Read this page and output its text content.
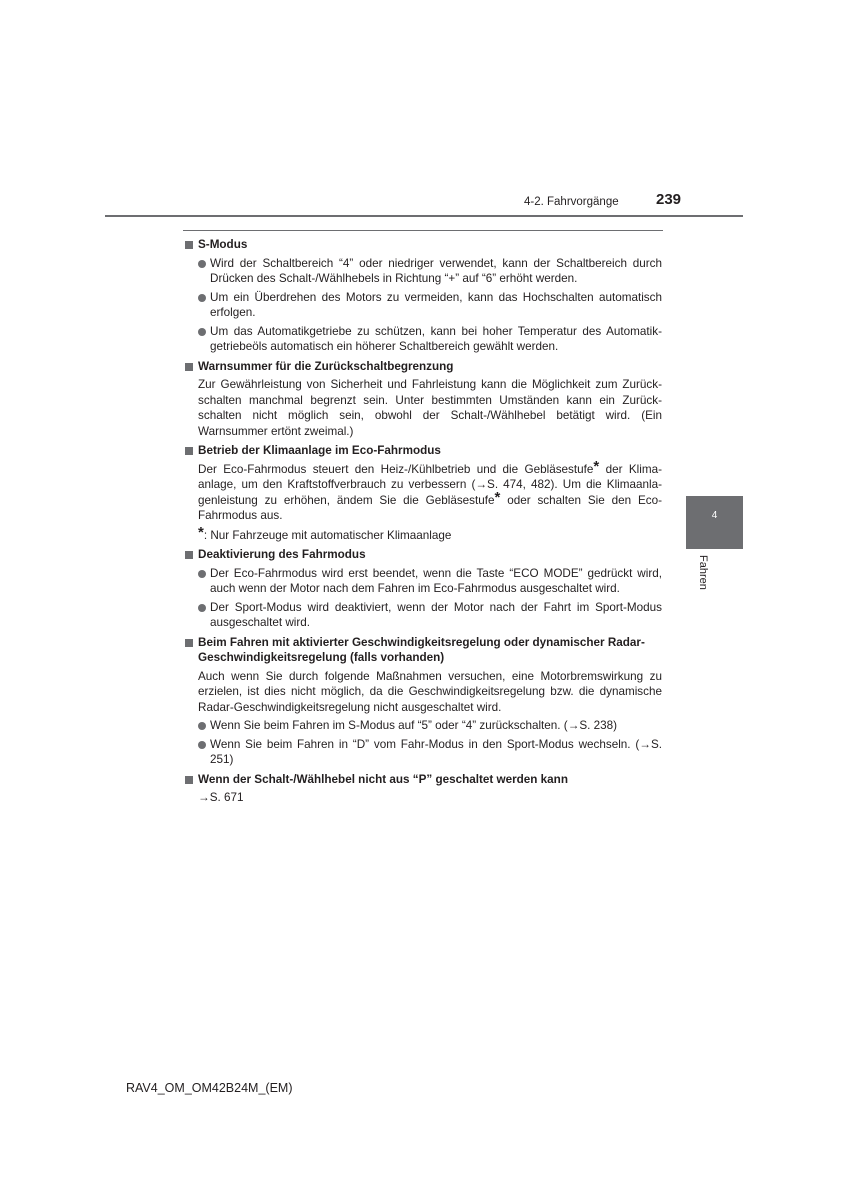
4-2. Fahrvorgänge 239
4
Fahren
S-Modus
Wird der Schaltbereich “4” oder niedriger verwendet, kann der Schaltbereich durch Drücken des Schalt-/Wählhebels in Richtung “+” auf “6” erhöht werden.
Um ein Überdrehen des Motors zu vermeiden, kann das Hochschalten automatisch erfolgen.
Um das Automatikgetriebe zu schützen, kann bei hoher Temperatur des Automatik-getriebeöls automatisch ein höherer Schaltbereich gewählt werden.
Warnsummer für die Zurückschaltbegrenzung
Zur Gewährleistung von Sicherheit und Fahrleistung kann die Möglichkeit zum Zurück-schalten manchmal begrenzt sein. Unter bestimmten Umständen kann ein Zurück-schalten nicht möglich sein, obwohl der Schalt-/Wählhebel betätigt wird. (Ein Warnsummer ertönt zweimal.)
Betrieb der Klimaanlage im Eco-Fahrmodus
Der Eco-Fahrmodus steuert den Heiz-/Kühlbetrieb und die Gebläsestufe* der Klima-anlage, um den Kraftstoffverbrauch zu verbessern (→S. 474, 482). Um die Klimaanla-genleistung zu erhöhen, ändem Sie die Gebläsestufe* oder schalten Sie den Eco-Fahrmodus aus.
*: Nur Fahrzeuge mit automatischer Klimaanlage
Deaktivierung des Fahrmodus
Der Eco-Fahrmodus wird erst beendet, wenn die Taste “ECO MODE” gedrückt wird, auch wenn der Motor nach dem Fahren im Eco-Fahrmodus ausgeschaltet wird.
Der Sport-Modus wird deaktiviert, wenn der Motor nach der Fahrt im Sport-Modus ausgeschaltet wird.
Beim Fahren mit aktivierter Geschwindigkeitsregelung oder dynamischer Radar-Geschwindigkeitsregelung (falls vorhanden)
Auch wenn Sie durch folgende Maßnahmen versuchen, eine Motorbremswirkung zu erzielen, ist dies nicht möglich, da die Geschwindigkeitsregelung bzw. die dynamische Radar-Geschwindigkeitsregelung nicht ausgeschaltet wird.
Wenn Sie beim Fahren im S-Modus auf “5” oder “4” zurückschalten. (→S. 238)
Wenn Sie beim Fahren in “D” vom Fahr-Modus in den Sport-Modus wechseln. (→S. 251)
Wenn der Schalt-/Wählhebel nicht aus “P” geschaltet werden kann
→S. 671
RAV4_OM_OM42B24M_(EM)
